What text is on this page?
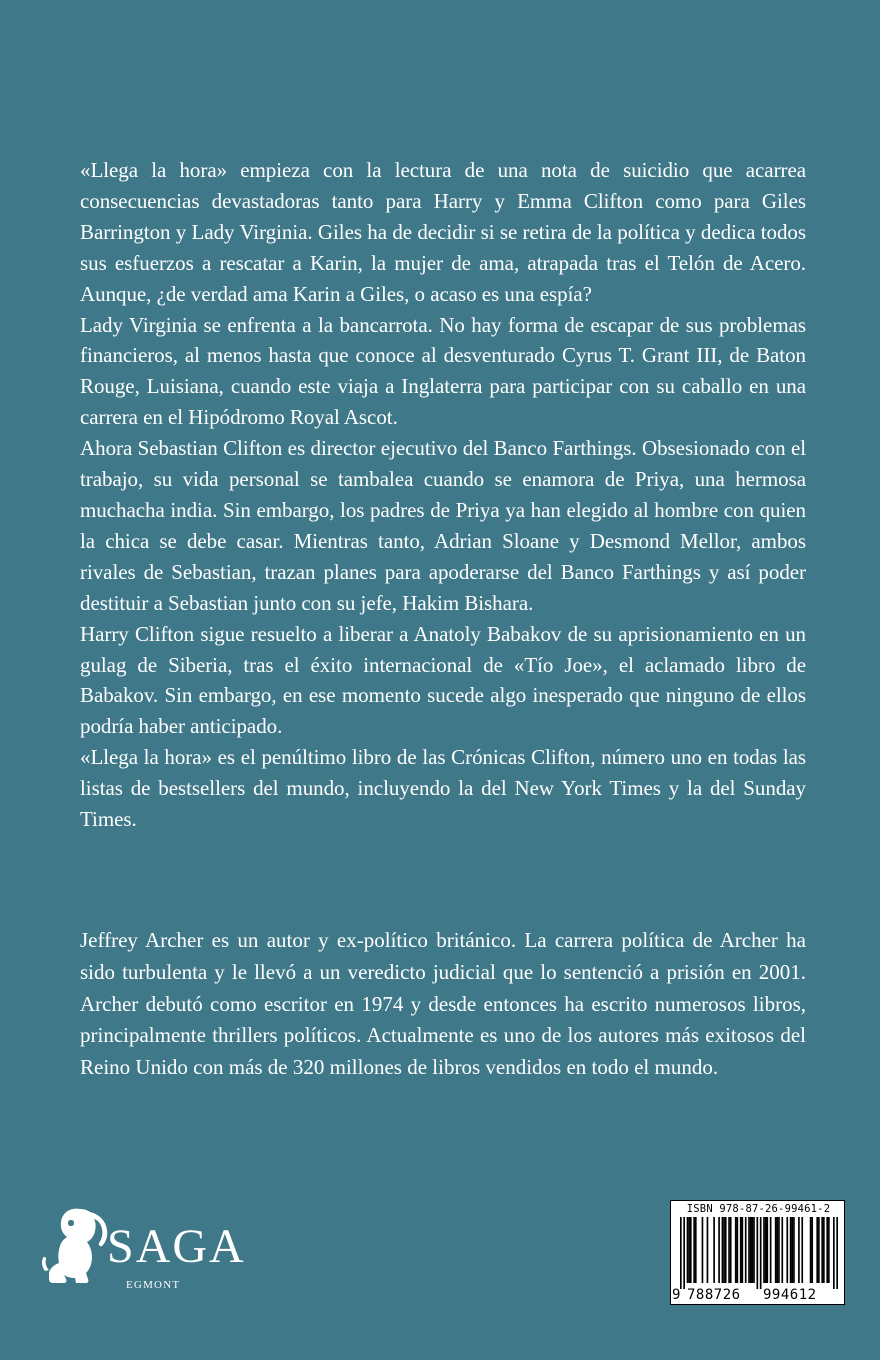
«Llega la hora» empieza con la lectura de una nota de suicidio que acarrea consecuencias devastadoras tanto para Harry y Emma Clifton como para Giles Barrington y Lady Virginia. Giles ha de decidir si se retira de la política y dedica todos sus esfuerzos a rescatar a Karin, la mujer de ama, atrapada tras el Telón de Acero. Aunque, ¿de verdad ama Karin a Giles, o acaso es una espía?

Lady Virginia se enfrenta a la bancarrota. No hay forma de escapar de sus problemas financieros, al menos hasta que conoce al desventurado Cyrus T. Grant III, de Baton Rouge, Luisiana, cuando este viaja a Inglaterra para participar con su caballo en una carrera en el Hipódromo Royal Ascot.

Ahora Sebastian Clifton es director ejecutivo del Banco Farthings. Obsesionado con el trabajo, su vida personal se tambalea cuando se enamora de Priya, una hermosa muchacha india. Sin embargo, los padres de Priya ya han elegido al hombre con quien la chica se debe casar. Mientras tanto, Adrian Sloane y Desmond Mellor, ambos rivales de Sebastian, trazan planes para apoderarse del Banco Farthings y así poder destituir a Sebastian junto con su jefe, Hakim Bishara.

Harry Clifton sigue resuelto a liberar a Anatoly Babakov de su aprisionamiento en un gulag de Siberia, tras el éxito internacional de «Tío Joe», el aclamado libro de Babakov. Sin embargo, en ese momento sucede algo inesperado que ninguno de ellos podría haber anticipado.

«Llega la hora» es el penúltimo libro de las Crónicas Clifton, número uno en todas las listas de bestsellers del mundo, incluyendo la del New York Times y la del Sunday Times.

Jeffrey Archer es un autor y ex-político británico. La carrera política de Archer ha sido turbulenta y le llevó a un veredicto judicial que lo sentenció a prisión en 2001. Archer debutó como escritor en 1974 y desde entonces ha escrito numerosos libros, principalmente thrillers políticos. Actualmente es uno de los autores más exitosos del Reino Unido con más de 320 millones de libros vendidos en todo el mundo.

SAGA
EGMONT
ISBN 978-87-26-99461-2
9 788726 994612
